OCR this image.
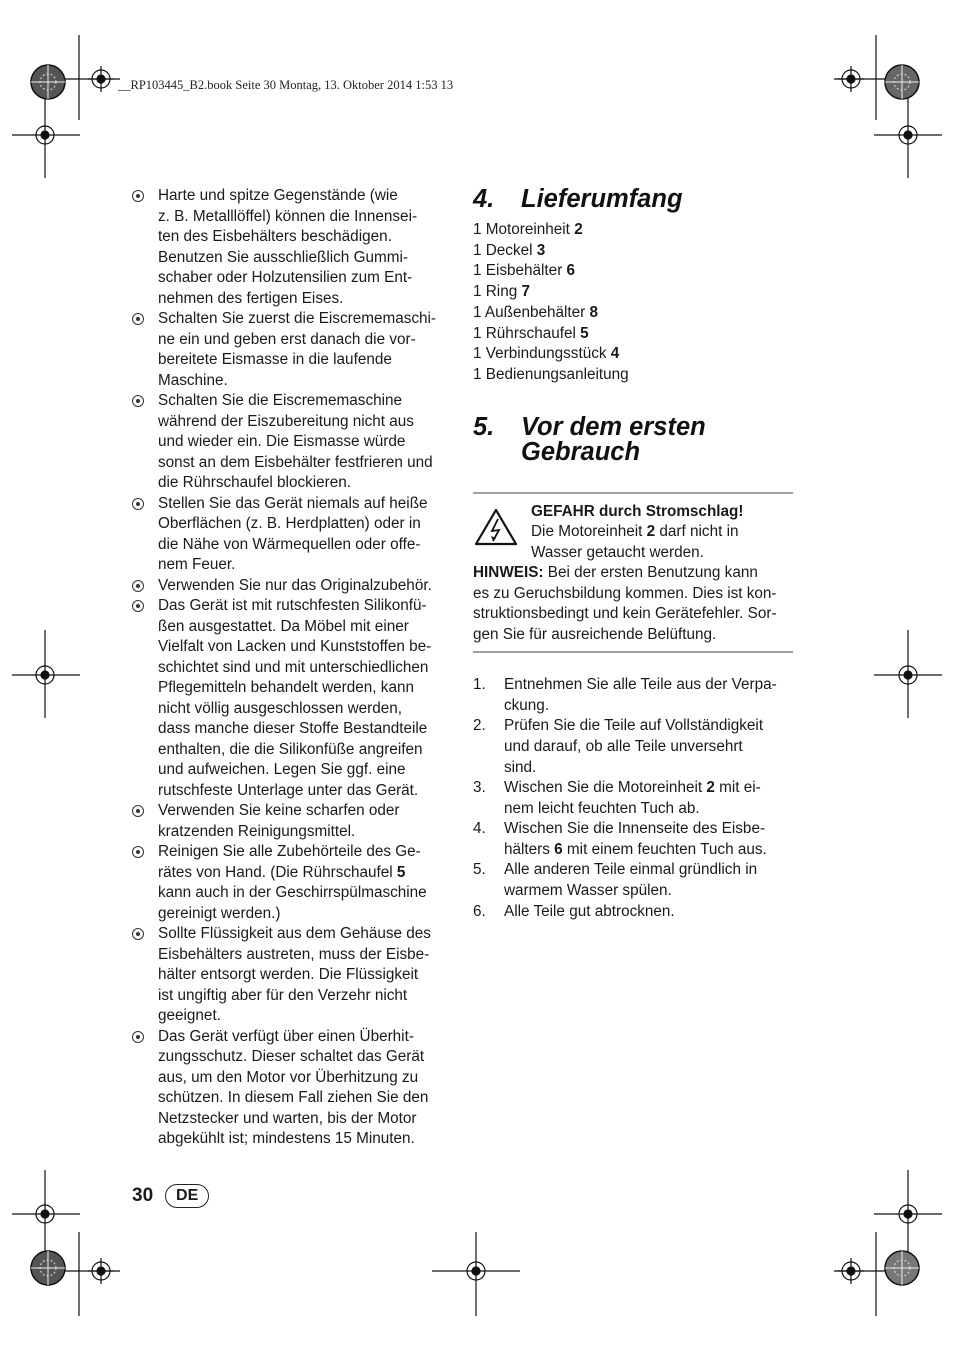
__RP103445_B2.book Seite 30 Montag, 13. Oktober 2014 1:53 13
Harte und spitze Gegenstände (wie
z. B. Metalllöffel) können die Innensei-
ten des Eisbehälters beschädigen.
Benutzen Sie ausschließlich Gummi-
schaber oder Holzutensilien zum Ent-
nehmen des fertigen Eises.
Schalten Sie zuerst die Eiscrememaschi-
ne ein und geben erst danach die vor-
bereitete Eismasse in die laufende
Maschine.
Schalten Sie die Eiscrememaschine
während der Eiszubereitung nicht aus
und wieder ein. Die Eismasse würde
sonst an dem Eisbehälter festfrieren und
die Rührschaufel blockieren.
Stellen Sie das Gerät niemals auf heiße
Oberflächen (z. B. Herdplatten) oder in
die Nähe von Wärmequellen oder offe-
nem Feuer.
Verwenden Sie nur das Originalzubehör.
Das Gerät ist mit rutschfesten Silikonfü-
ßen ausgestattet. Da Möbel mit einer
Vielfalt von Lacken und Kunststoffen be-
schichtet sind und mit unterschiedlichen
Pflegemitteln behandelt werden, kann
nicht völlig ausgeschlossen werden,
dass manche dieser Stoffe Bestandteile
enthalten, die die Silikonfüße angreifen
und aufweichen. Legen Sie ggf. eine
rutschfeste Unterlage unter das Gerät.
Verwenden Sie keine scharfen oder
kratzenden Reinigungsmittel.
Reinigen Sie alle Zubehörteile des Ge-
rätes von Hand. (Die Rührschaufel 5
kann auch in der Geschirrspülmaschine
gereinigt werden.)
Sollte Flüssigkeit aus dem Gehäuse des
Eisbehälters austreten, muss der Eisbe-
hälter entsorgt werden. Die Flüssigkeit
ist ungiftig aber für den Verzehr nicht
geeignet.
Das Gerät verfügt über einen Überhit-
zungsschutz. Dieser schaltet das Gerät
aus, um den Motor vor Überhitzung zu
schützen. In diesem Fall ziehen Sie den
Netzstecker und warten, bis der Motor
abgekühlt ist; mindestens 15 Minuten.
4.	Lieferumfang
1 Motoreinheit 2
1 Deckel 3
1 Eisbehälter 6
1 Ring 7
1 Außenbehälter 8
1 Rührschaufel 5
1 Verbindungsstück 4
1 Bedienungsanleitung
5.	Vor dem ersten
Gebrauch
GEFAHR durch Stromschlag!
Die Motoreinheit 2 darf nicht in
Wasser getaucht werden.
HINWEIS: Bei der ersten Benutzung kann
es zu Geruchsbildung kommen. Dies ist kon-
struktionsbedingt und kein Gerätefehler. Sor-
gen Sie für ausreichende Belüftung.
1. Entnehmen Sie alle Teile aus der Verpa-
ckung.
2. Prüfen Sie die Teile auf Vollständigkeit
und darauf, ob alle Teile unversehrt
sind.
3. Wischen Sie die Motoreinheit 2 mit ei-
nem leicht feuchten Tuch ab.
4. Wischen Sie die Innenseite des Eisbe-
hälters 6 mit einem feuchten Tuch aus.
5. Alle anderen Teile einmal gründlich in
warmem Wasser spülen.
6. Alle Teile gut abtrocknen.
30	DE
